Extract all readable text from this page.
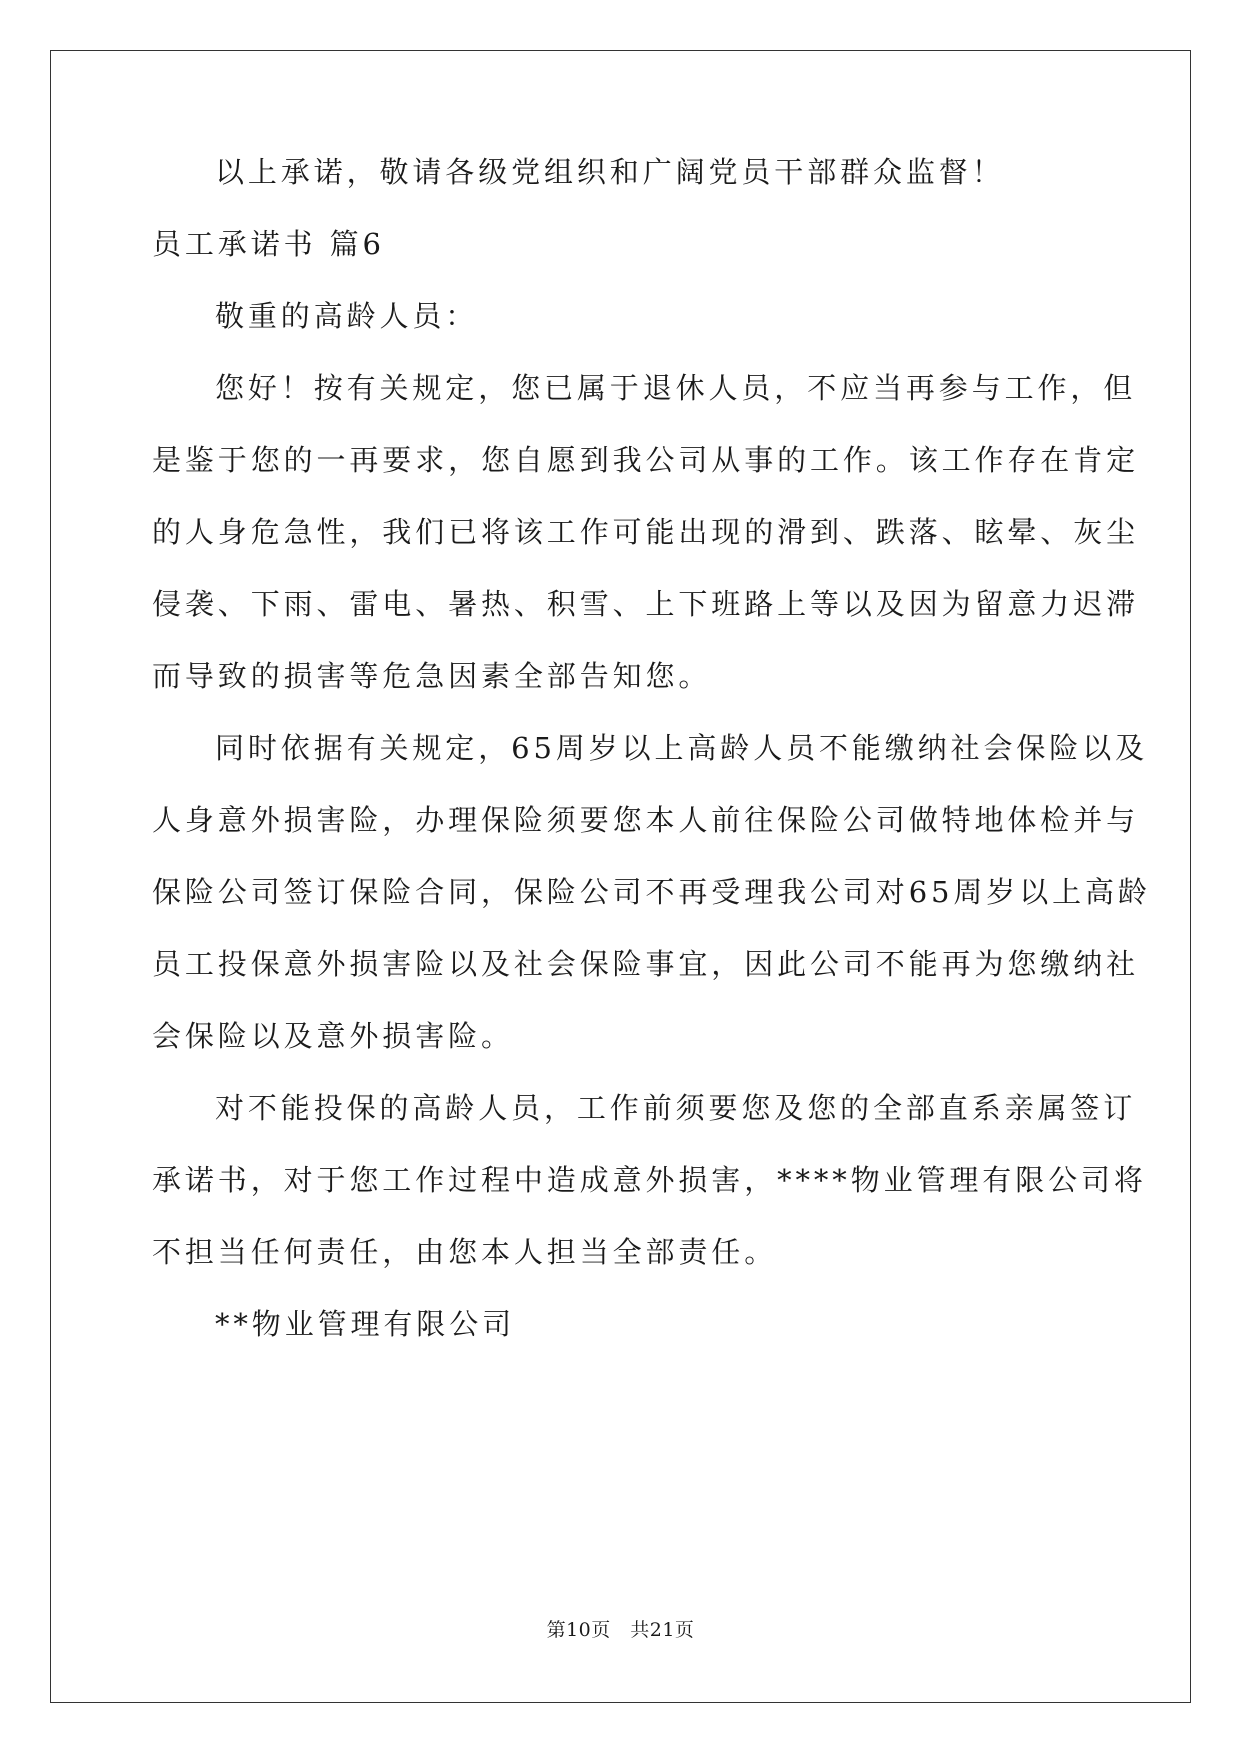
以上承诺，敬请各级党组织和广阔党员干部群众监督！
员工承诺书 篇6
敬重的高龄人员：
您好！按有关规定，您已属于退休人员，不应当再参与工作，但
是鉴于您的一再要求，您自愿到我公司从事的工作。该工作存在肯定
的人身危急性，我们已将该工作可能出现的滑到、跌落、眩晕、灰尘
侵袭、下雨、雷电、暑热、积雪、上下班路上等以及因为留意力迟滞
而导致的损害等危急因素全部告知您。
同时依据有关规定，65周岁以上高龄人员不能缴纳社会保险以及
人身意外损害险，办理保险须要您本人前往保险公司做特地体检并与
保险公司签订保险合同，保险公司不再受理我公司对65周岁以上高龄
员工投保意外损害险以及社会保险事宜，因此公司不能再为您缴纳社
会保险以及意外损害险。
对不能投保的高龄人员，工作前须要您及您的全部直系亲属签订
承诺书，对于您工作过程中造成意外损害，****物业管理有限公司将
不担当任何责任，由您本人担当全部责任。
**物业管理有限公司
第10页　共21页
